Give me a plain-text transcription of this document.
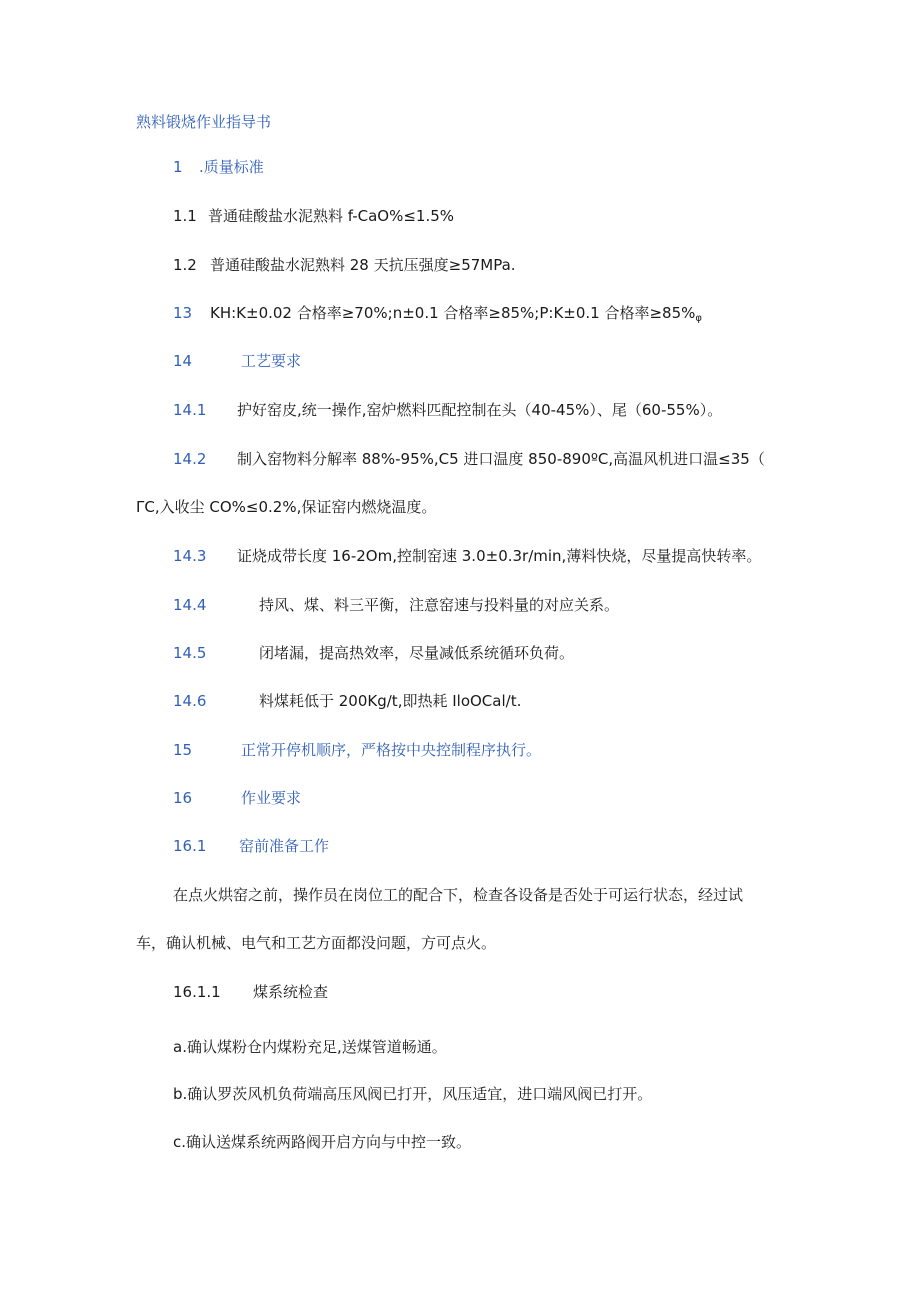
熟料锻烧作业指导书
1 .质量标准
1.1 普通硅酸盐水泥熟料 f-CaO%≤1.5%
1.2 普通硅酸盐水泥熟料 28 天抗压强度≥57MPa.
13 KH:K±0.02 合格率≥70%;n±0.1 合格率≥85%;P:K±0.1 合格率$\ge 85\%_\varphi$
14	工艺要求
14.1 护好窑皮,统一操作,窑炉燃料匹配控制在头（40-45%）、尾（60-55%）。
14.2 制入窑物料分解率 88%-95%,C5 进口温度 850-890ºC,高温风机进口温≤35（
ΓC,入收尘 CO%≤0.2%,保证窑内燃烧温度。
14.3 证烧成带长度 16-2Om,控制窑速 3.0±0.3r∕min,薄料快烧，尽量提高快转率。
14.4	持风、煤、料三平衡，注意窑速与投料量的对应关系。
14.5	闭堵漏，提高热效率，尽量减低系统循环负荷。
14.6	料煤耗低于 200Kg∕t,即热耗 IloOCal∕t.
15	正常开停机顺序，严格按中央控制程序执行。
16	作业要求
16.1 窑前准备工作
在点火烘窑之前，操作员在岗位工的配合下，检查各设备是否处于可运行状态，经过试
车，确认机械、电气和工艺方面都没问题，方可点火。
16.1.1 煤系统检查
a.确认煤粉仓内煤粉充足,送煤管道畅通。
b.确认罗茨风机负荷端高压风阀已打开，风压适宜，进口端风阀已打开。
c.确认送煤系统两路阀开启方向与中控一致。
